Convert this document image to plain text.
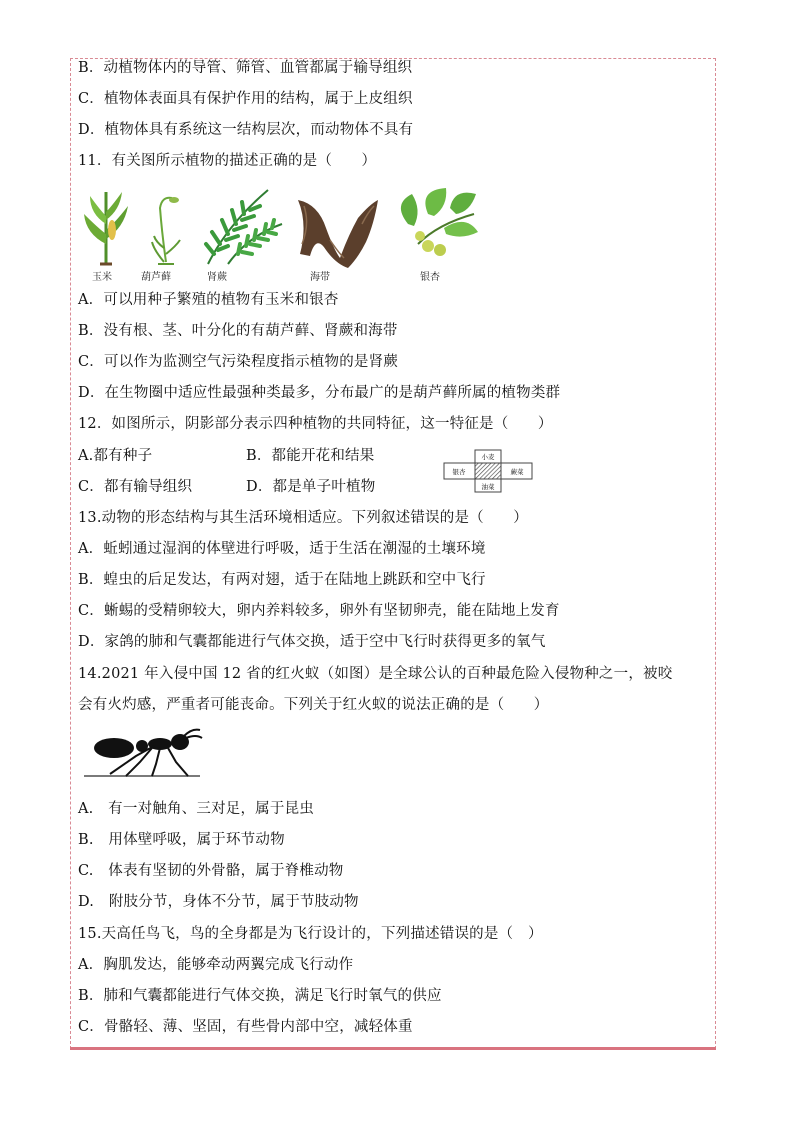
B．动植物体内的导管、筛管、血管都属于输导组织
C．植物体表面具有保护作用的结构，属于上皮组织
D．植物体具有系统这一结构层次，而动物体不具有
11．有关图所示植物的描述正确的是（　　）
玉米	葫芦藓	肾蕨	海带	银杏
A．可以用种子繁殖的植物有玉米和银杏
B．没有根、茎、叶分化的有葫芦藓、肾蕨和海带
C．可以作为监测空气污染程度指示植物的是肾蕨
D．在生物圈中适应性最强种类最多，分布最广的是葫芦藓所属的植物类群
12．如图所示，阴影部分表示四种植物的共同特征，这一特征是（　　）
A.都有种子	B．都能开花和结果
C．都有输导组织	D．都是单子叶植物
小麦
银杏	蕨菜
油菜
13.动物的形态结构与其生活环境相适应。下列叙述错误的是（　　）
A．蚯蚓通过湿润的体壁进行呼吸，适于生活在潮湿的土壤环境
B．蝗虫的后足发达，有两对翅，适于在陆地上跳跃和空中飞行
C．蜥蜴的受精卵较大，卵内养料较多，卵外有坚韧卵壳，能在陆地上发育
D．家鸽的肺和气囊都能进行气体交换，适于空中飞行时获得更多的氧气
14.2021 年入侵中国 12 省的红火蚁（如图）是全球公认的百种最危险入侵物种之一，被咬
会有火灼感，严重者可能丧命。下列关于红火蚁的说法正确的是（　　）
A.　有一对触角、三对足，属于昆虫
B.　用体壁呼吸，属于环节动物
C.　体表有坚韧的外骨骼，属于脊椎动物
D.　附肢分节，身体不分节，属于节肢动物
15.天高任鸟飞，鸟的全身都是为飞行设计的，下列描述错误的是（　）
A．胸肌发达，能够牵动两翼完成飞行动作
B．肺和气囊都能进行气体交换，满足飞行时氧气的供应
C．骨骼轻、薄、坚固，有些骨内部中空，减轻体重
